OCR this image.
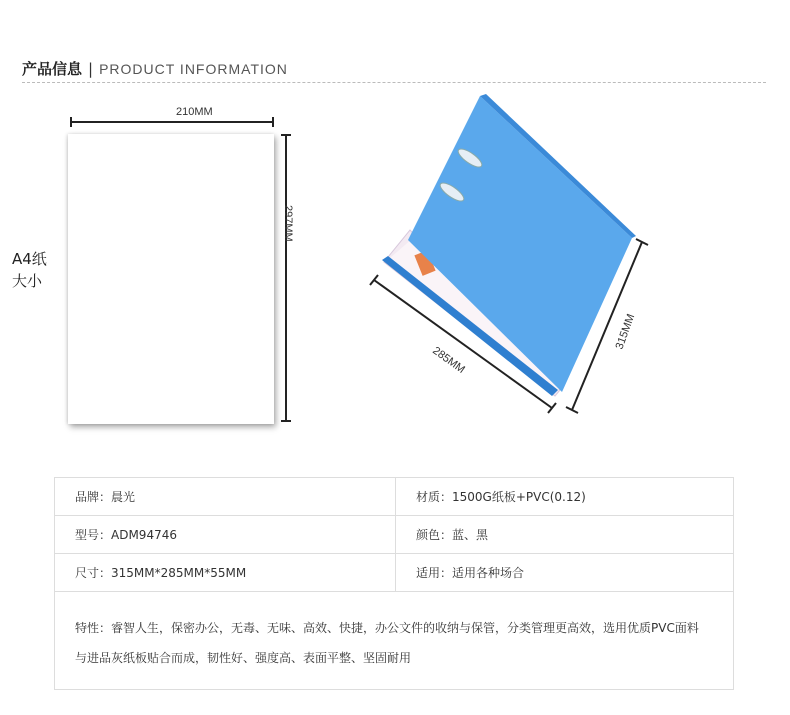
产品信息 | PRODUCT INFORMATION
210MM
297MM
A4纸
大小
285MM
315MM
品牌：晨光	材质：1500G纸板+PVC(0.12)
型号：ADM94746	颜色：蓝、黑
尺寸：315MM*285MM*55MM	适用：适用各种场合

特性：睿智人生，保密办公，无毒、无味、高效、快捷，办公文件的收纳与保管，分类管理更高效，选用优质PVC面料
与进品灰纸板贴合而成，韧性好、强度高、表面平整、坚固耐用	
